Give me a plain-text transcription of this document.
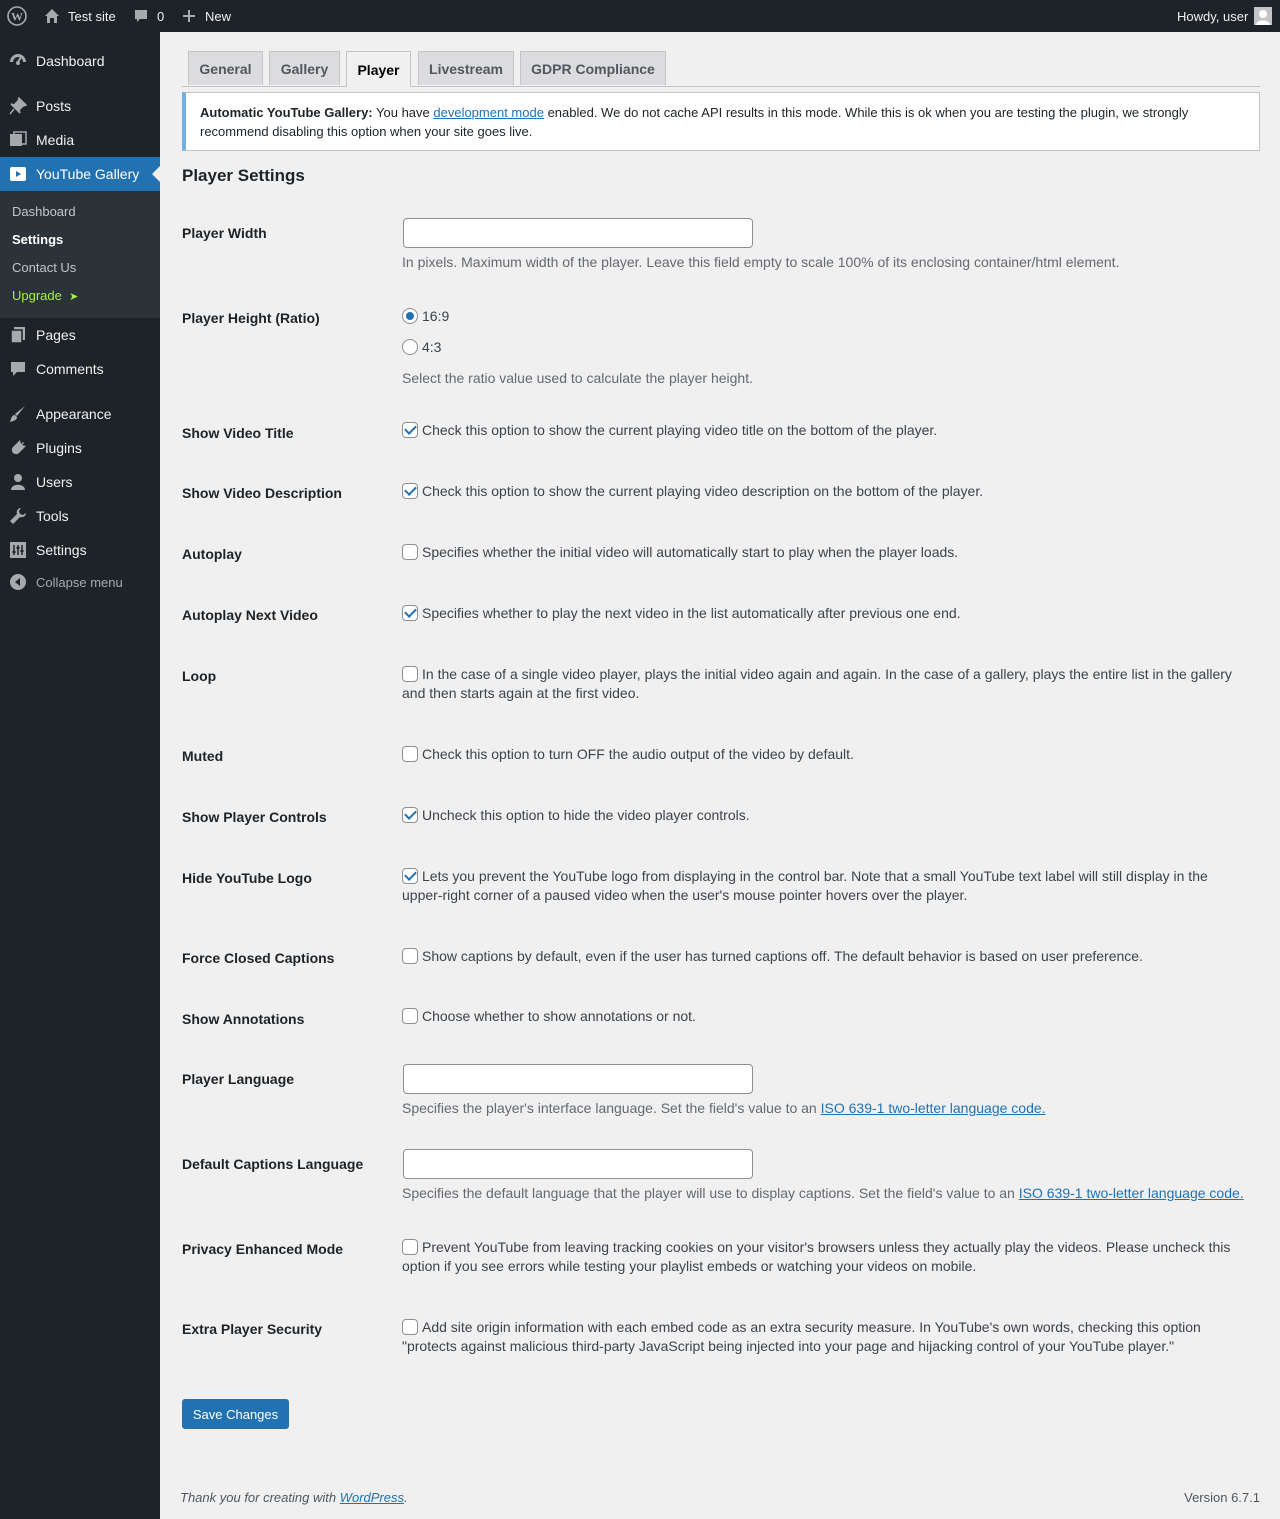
W	Test site	0	New	Howdy, user
Dashboard
Posts
Media
YouTube Gallery
Dashboard
Settings
Contact Us
Upgrade ➤
Pages
Comments
Appearance
Plugins
Users
Tools
Settings
Collapse menu
General	Gallery	Player	Livestream	GDPR Compliance
Automatic YouTube Gallery: You have development mode enabled. We do not cache API results in this mode. While this is ok when you are testing the plugin, we strongly recommend disabling this option when your site goes live.
Player Settings
Player Width
In pixels. Maximum width of the player. Leave this field empty to scale 100% of its enclosing container/html element.
Player Height (Ratio)	16:9
4:3
Select the ratio value used to calculate the player height.
Show Video Title	Check this option to show the current playing video title on the bottom of the player.
Show Video Description	Check this option to show the current playing video description on the bottom of the player.
Autoplay	Specifies whether the initial video will automatically start to play when the player loads.
Autoplay Next Video	Specifies whether to play the next video in the list automatically after previous one end.
Loop	In the case of a single video player, plays the initial video again and again. In the case of a gallery, plays the entire list in the gallery and then starts again at the first video.
Muted	Check this option to turn OFF the audio output of the video by default.
Show Player Controls	Uncheck this option to hide the video player controls.
Hide YouTube Logo	Lets you prevent the YouTube logo from displaying in the control bar. Note that a small YouTube text label will still display in the upper-right corner of a paused video when the user's mouse pointer hovers over the player.
Force Closed Captions	Show captions by default, even if the user has turned captions off. The default behavior is based on user preference.
Show Annotations	Choose whether to show annotations or not.
Player Language
Specifies the player's interface language. Set the field's value to an ISO 639-1 two-letter language code.
Default Captions Language
Specifies the default language that the player will use to display captions. Set the field's value to an ISO 639-1 two-letter language code.
Privacy Enhanced Mode	Prevent YouTube from leaving tracking cookies on your visitor's browsers unless they actually play the videos. Please uncheck this option if you see errors while testing your playlist embeds or watching your videos on mobile.
Extra Player Security	Add site origin information with each embed code as an extra security measure. In YouTube's own words, checking this option "protects against malicious third-party JavaScript being injected into your page and hijacking control of your YouTube player."
Save Changes
Thank you for creating with WordPress.	Version 6.7.1
